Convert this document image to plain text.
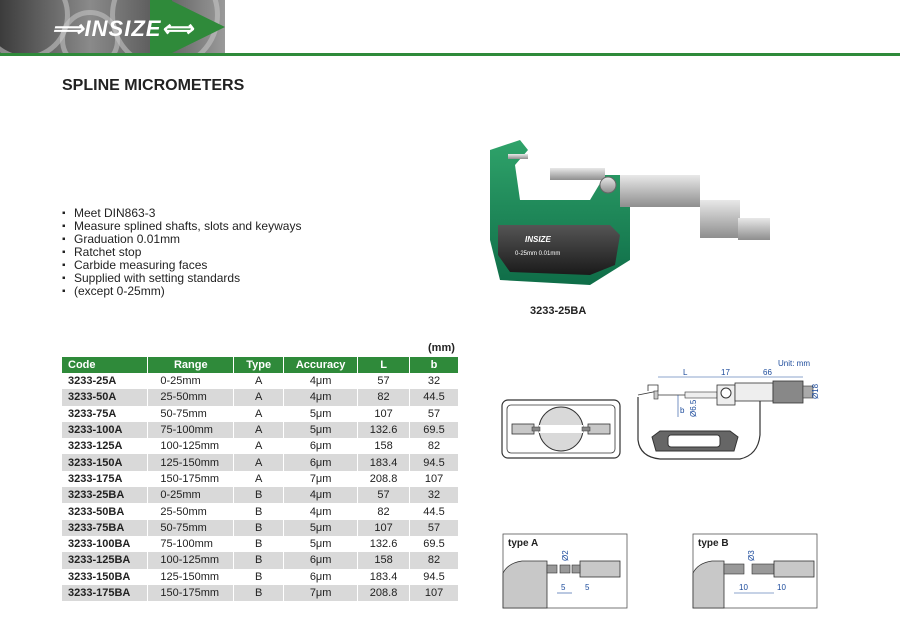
⟹INSIZE⟺
SPLINE MICROMETERS
▪ Meet DIN863-3
▪ Measure splined shafts, slots and keyways
▪ Graduation 0.01mm
▪ Ratchet stop
▪ Carbide measuring faces
▪ Supplied with setting standards
▪ (except 0-25mm)
INSIZE
0-25mm 0.01mm
3233-25BA
(mm)
Code	Range	Type	Accuracy	L	b
3233-25A	0-25mm	A	4μm	57	32
3233-50A	25-50mm	A	4μm	82	44.5
3233-75A	50-75mm	A	5μm	107	57
3233-100A	75-100mm	A	5μm	132.6	69.5
3233-125A	100-125mm	A	6μm	158	82
3233-150A	125-150mm	A	6μm	183.4	94.5
3233-175A	150-175mm	A	7μm	208.8	107
3233-25BA	0-25mm	B	4μm	57	32
3233-50BA	25-50mm	B	4μm	82	44.5
3233-75BA	50-75mm	B	5μm	107	57
3233-100BA	75-100mm	B	5μm	132.6	69.5
3233-125BA	100-125mm	B	6μm	158	82
3233-150BA	125-150mm	B	6μm	183.4	94.5
3233-175BA	150-175mm	B	7μm	208.8	107
Unit: mm
L	17	66
b Ø6.5
Ø18
type A
5 5
Ø2
type B
10	10
Ø3
